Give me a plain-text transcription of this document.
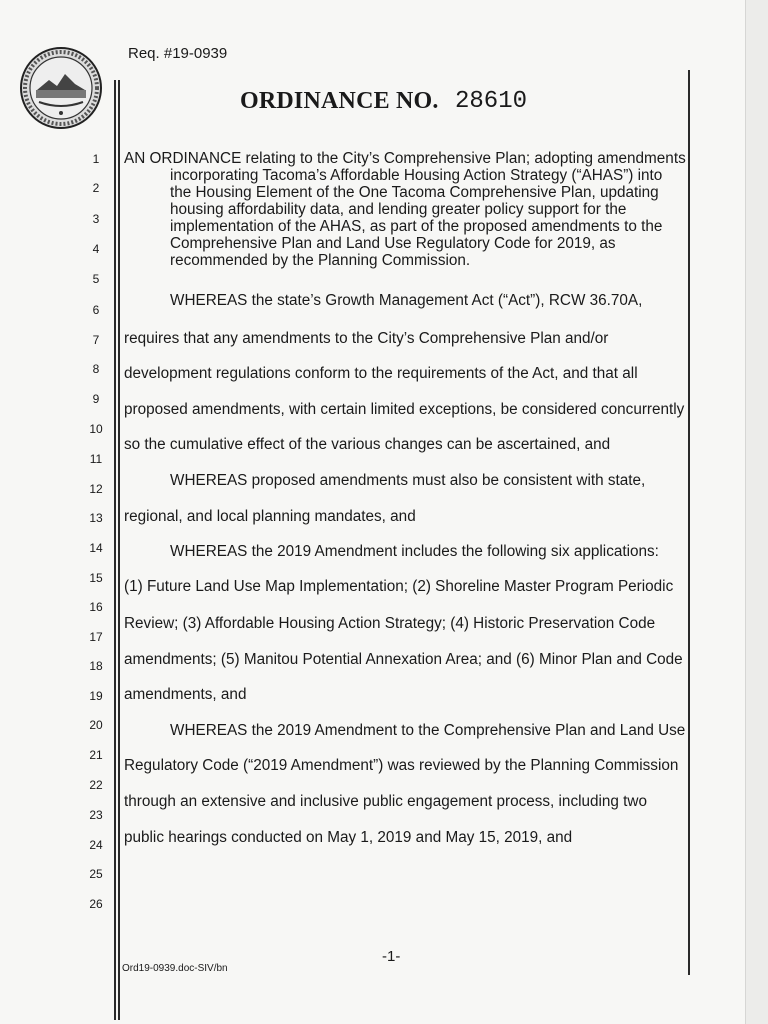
Req. #19-0939
ORDINANCE NO. 28610
1
2
3
4
5
6
7
8
9
10
11
12
13
14
15
16
17
18
19
20
21
22
23
24
25
26
AN ORDINANCE relating to the City’s Comprehensive Plan; adopting amendments
incorporating Tacoma’s Affordable Housing Action Strategy (“AHAS”) into
the Housing Element of the One Tacoma Comprehensive Plan, updating
housing affordability data, and lending greater policy support for the
implementation of the AHAS, as part of the proposed amendments to the
Comprehensive Plan and Land Use Regulatory Code for 2019, as
recommended by the Planning Commission.
WHEREAS the state’s Growth Management Act (“Act”), RCW 36.70A,
requires that any amendments to the City’s Comprehensive Plan and/or
development regulations conform to the requirements of the Act, and that all
proposed amendments, with certain limited exceptions, be considered concurrently
so the cumulative effect of the various changes can be ascertained, and
WHEREAS proposed amendments must also be consistent with state,
regional, and local planning mandates, and
WHEREAS the 2019 Amendment includes the following six applications:
(1) Future Land Use Map Implementation; (2) Shoreline Master Program Periodic
Review; (3) Affordable Housing Action Strategy; (4) Historic Preservation Code
amendments; (5) Manitou Potential Annexation Area; and (6) Minor Plan and Code
amendments, and
WHEREAS the 2019 Amendment to the Comprehensive Plan and Land Use
Regulatory Code (“2019 Amendment”) was reviewed by the Planning Commission
through an extensive and inclusive public engagement process, including two
public hearings conducted on May 1, 2019 and May 15, 2019, and
-1-
Ord19-0939.doc-SIV/bn
